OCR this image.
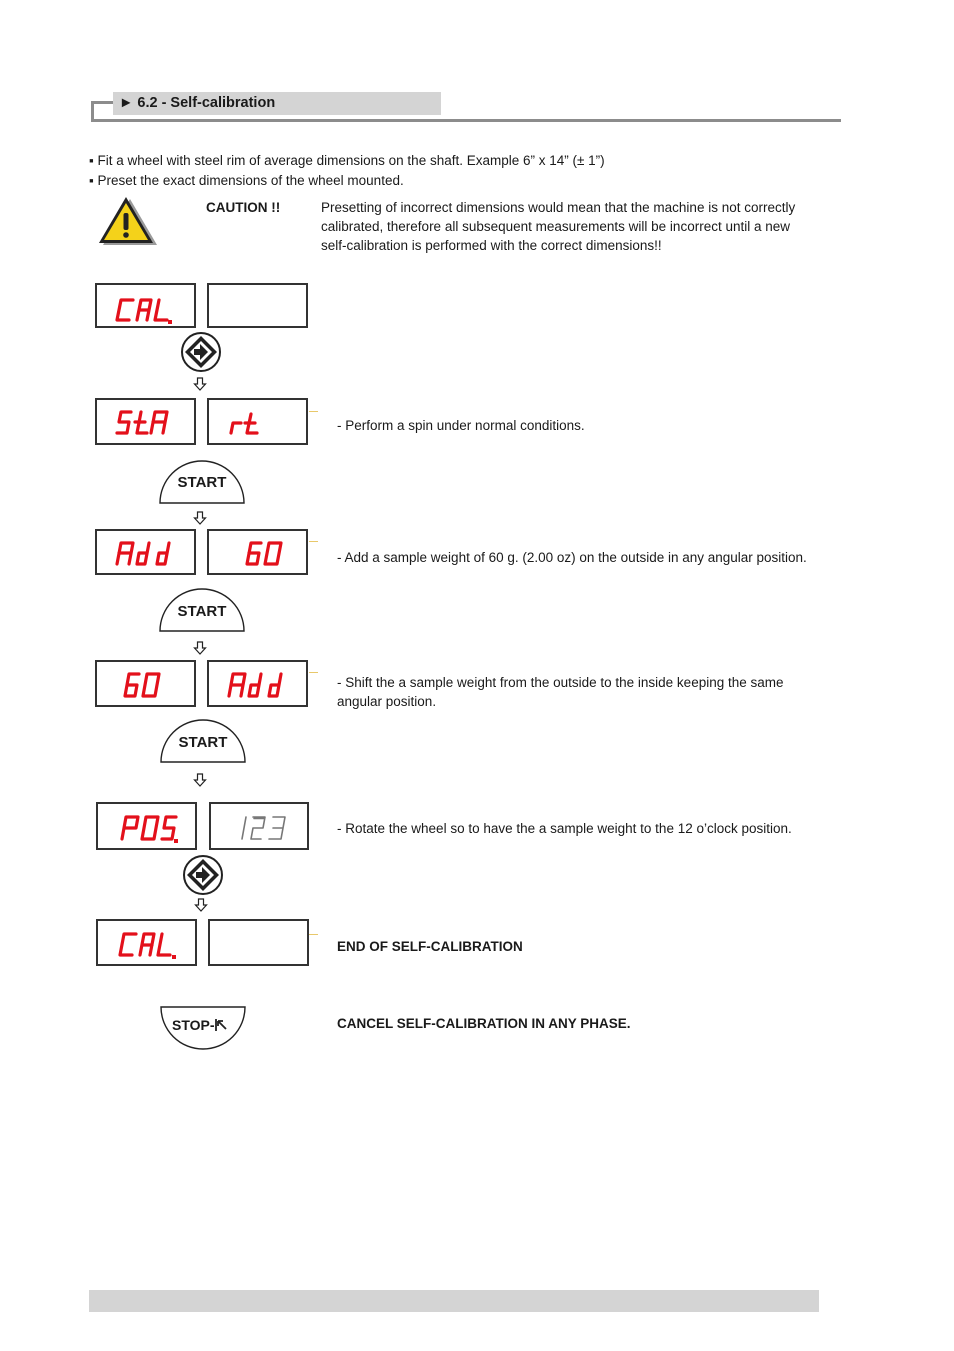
► 6.2 - Self-calibration
▪ Fit a wheel with steel rim of average dimensions on the shaft. Example 6” x 14” (± 1”)
▪ Preset the exact dimensions of the wheel mounted.
CAUTION !!	Presetting of incorrect dimensions would mean that the machine is not correctly
calibrated, therefore all subsequent measurements will be incorrect until a new
self-calibration is performed with the correct dimensions!!
- Perform a spin under normal conditions.
START
- Add a sample weight of 60 g. (2.00 oz) on the outside in any angular position.
START
- Shift the a sample weight from the outside to the inside keeping the same
angular position.
START
- Rotate the wheel so to have the a sample weight to the 12 o’clock position.
END OF SELF-CALIBRATION
STOP-	CANCEL SELF-CALIBRATION IN ANY PHASE.
